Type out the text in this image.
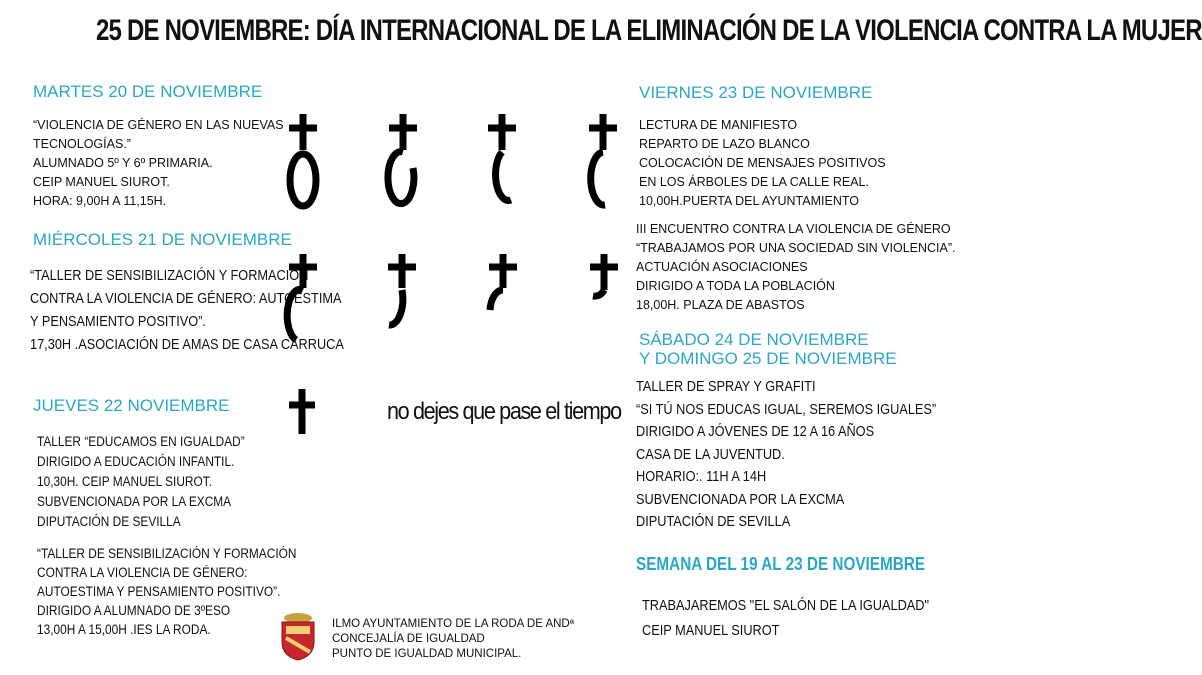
25 DE NOVIEMBRE: DÍA INTERNACIONAL DE LA ELIMINACIÓN DE LA VIOLENCIA CONTRA LA MUJER
MARTES 20 DE NOVIEMBRE
“VIOLENCIA DE GÉNERO EN LAS NUEVAS
TECNOLOGÍAS.”
ALUMNADO 5º Y 6º PRIMARIA.
CEIP MANUEL SIUROT.
HORA: 9,00H A 11,15H.
MIÉRCOLES 21 DE NOVIEMBRE
“TALLER DE SENSIBILIZACIÓN Y FORMACIÓN
CONTRA LA VIOLENCIA DE GÉNERO: AUTOESTIMA
Y PENSAMIENTO POSITIVO”.
17,30H .ASOCIACIÓN DE AMAS DE CASA CARRUCA
JUEVES 22 NOVIEMBRE
TALLER “EDUCAMOS EN IGUALDAD”
DIRIGIDO A EDUCACIÓN INFANTIL.
10,30H. CEIP MANUEL SIUROT.
SUBVENCIONADA POR LA EXCMA
DIPUTACIÓN DE SEVILLA
“TALLER DE SENSIBILIZACIÓN Y FORMACIÓN
CONTRA LA VIOLENCIA DE GÉNERO:
AUTOESTIMA Y PENSAMIENTO POSITIVO”.
DIRIGIDO A ALUMNADO DE 3ºESO
13,00H A 15,00H .IES LA RODA.
no dejes que pase el tiempo
ILMO AYUNTAMIENTO DE LA RODA DE ANDª
CONCEJALÍA DE IGUALDAD
PUNTO DE IGUALDAD MUNICIPAL.
VIERNES 23 DE NOVIEMBRE
LECTURA DE MANIFIESTO
REPARTO DE LAZO BLANCO
COLOCACIÓN DE MENSAJES POSITIVOS
EN LOS ÁRBOLES DE LA CALLE REAL.
10,00H.PUERTA DEL AYUNTAMIENTO
III ENCUENTRO CONTRA LA VIOLENCIA DE GÉNERO
“TRABAJAMOS POR UNA SOCIEDAD SIN VIOLENCIA”.
ACTUACIÓN ASOCIACIONES
DIRIGIDO A TODA LA POBLACIÓN
18,00H. PLAZA DE ABASTOS
SÁBADO 24 DE NOVIEMBRE
Y DOMINGO 25 DE NOVIEMBRE
TALLER DE SPRAY Y GRAFITI
“SI TÚ NOS EDUCAS IGUAL, SEREMOS IGUALES”
DIRIGIDO A JÓVENES DE 12 A 16 AÑOS
CASA DE LA JUVENTUD.
HORARIO:. 11H A 14H
SUBVENCIONADA POR LA EXCMA
DIPUTACIÓN DE SEVILLA
SEMANA DEL 19 AL 23 DE NOVIEMBRE
TRABAJAREMOS "EL SALÓN DE LA IGUALDAD"
CEIP MANUEL SIUROT
